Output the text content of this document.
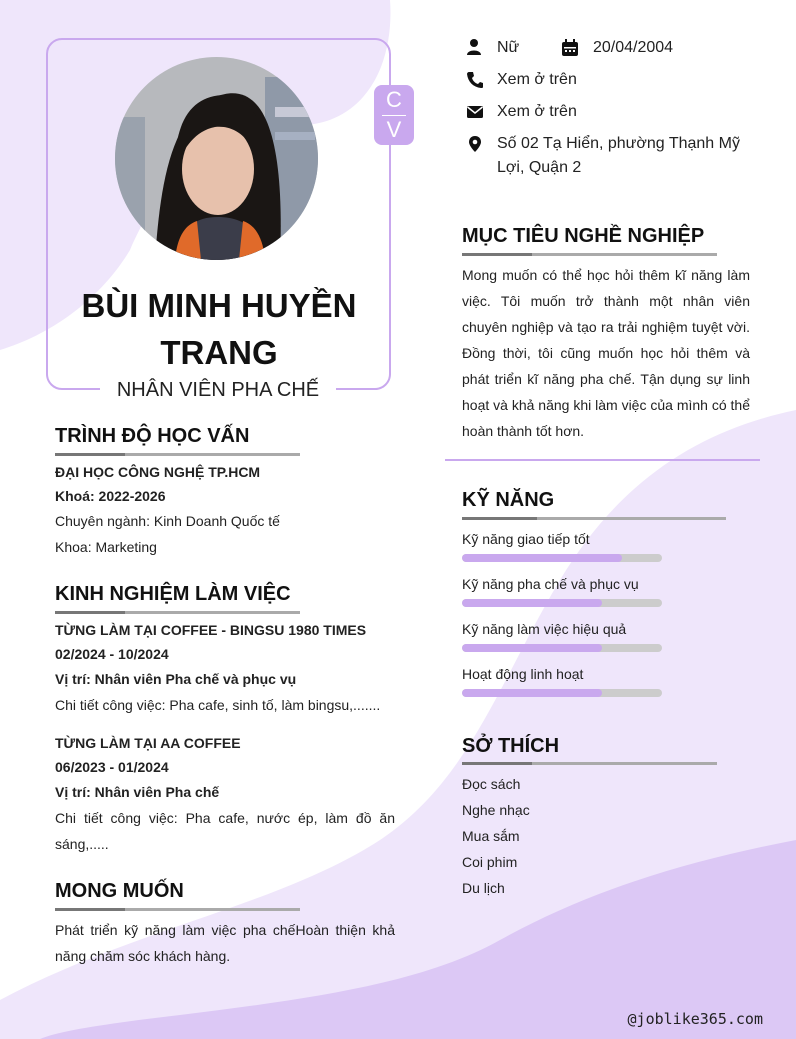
C
V
BÙI MINH HUYỀN TRANG
NHÂN VIÊN PHA CHẾ
TRÌNH ĐỘ HỌC VẤN
ĐẠI HỌC CÔNG NGHỆ TP.HCM
Khoá: 2022-2026
Chuyên ngành: Kinh Doanh Quốc tế
Khoa: Marketing
KINH NGHIỆM LÀM VIỆC
TỪNG LÀM TẠI COFFEE - BINGSU 1980 TIMES
02/2024 - 10/2024
Vị trí: Nhân viên Pha chế và phục vụ
Chi tiết công việc: Pha cafe, sinh tố, làm bingsu,.......
TỪNG LÀM TẠI AA COFFEE
06/2023 - 01/2024
Vị trí: Nhân viên Pha chế
Chi tiết công việc: Pha cafe, nước ép, làm đồ ăn sáng,.....
MONG MUỐN
Phát triển kỹ năng làm việc pha chếHoàn thiện khả năng chăm sóc khách hàng.
Nữ	20/04/2004
Xem ở trên
Xem ở trên
Số 02 Tạ Hiển, phường Thạnh Mỹ Lợi, Quận 2
MỤC TIÊU NGHỀ NGHIỆP
Mong muốn có thể học hỏi thêm kĩ năng làm việc. Tôi muốn trở thành một nhân viên chuyên nghiệp và tạo ra trải nghiệm tuyệt vời. Đồng thời, tôi cũng muốn học hỏi thêm và phát triển kĩ năng pha chế. Tận dụng sự linh hoạt và khả năng khi làm việc của mình có thể hoàn thành tốt hơn.
KỸ NĂNG
Kỹ năng giao tiếp tốt
Kỹ năng pha chế và phục vụ
Kỹ năng làm việc hiệu quả
Hoạt động linh hoạt
SỞ THÍCH
Đọc sách
Nghe nhạc
Mua sắm
Coi phim
Du lịch
@joblike365.com
